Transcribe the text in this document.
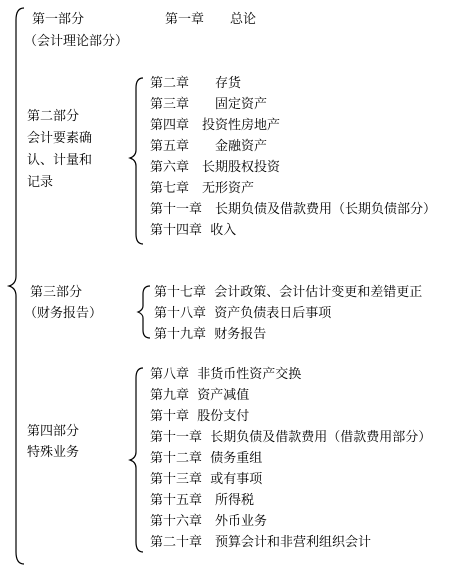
第一部分
（会计理论部分）
第一章　　总论
第二部分
会计要素确
认、计量和
记录
第二章　　存货
第三章　　固定资产
第四章　投资性房地产
第五章　　金融资产
第六章　长期股权投资
第七章　无形资产
第十一章　长期负债及借款费用（长期负债部分）
第十四章  收入
第三部分
（财务报告）
第十七章  会计政策、会计估计变更和差错更正
第十八章  资产负债表日后事项
第十九章  财务报告
第四部分
特殊业务
第八章  非货币性资产交换
第九章  资产减值
第十章  股份支付
第十一章  长期负债及借款费用（借款费用部分）
第十二章  债务重组
第十三章  或有事项
第十五章　所得税
第十六章　外币业务
第二十章　预算会计和非营利组织会计
